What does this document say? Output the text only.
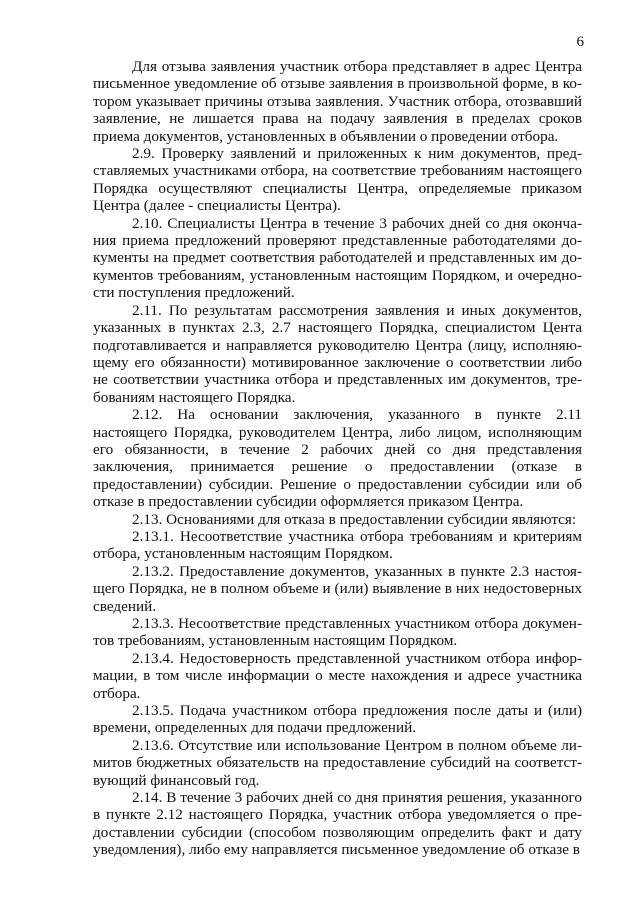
6

Для отзыва заявления участник отбора представляет в адрес Центра письменное уведомление об отзыве заявления в произвольной форме, в котором указывает причины отзыва заявления. Участник отбора, отозвавший заявление, не лишается права на подачу заявления в пределах сроков приема документов, установленных в объявлении о проведении отбора.

2.9. Проверку заявлений и приложенных к ним документов, представляемых участниками отбора, на соответствие требованиям настоящего Порядка осуществляют специалисты Центра, определяемые приказом Центра (далее - специалисты Центра).

2.10. Специалисты Центра в течение 3 рабочих дней со дня окончания приема предложений проверяют представленные работодателями документы на предмет соответствия работодателей и представленных им документов требованиям, установленным настоящим Порядком, и очередности поступления предложений.

2.11. По результатам рассмотрения заявления и иных документов, указанных в пунктах 2.3, 2.7 настоящего Порядка, специалистом Цента подготавливается и направляется руководителю Центра (лицу, исполняющему его обязанности) мотивированное заключение о соответствии либо не соответствии участника отбора и представленных им документов, требованиям настоящего Порядка.

2.12. На основании заключения, указанного в пункте 2.11 настоящего Порядка, руководителем Центра, либо лицом, исполняющим его обязанности, в течение 2 рабочих дней со дня представления заключения, принимается решение о предоставлении (отказе в предоставлении) субсидии. Решение о предоставлении субсидии или об отказе в предоставлении субсидии оформляется приказом Центра.

2.13. Основаниями для отказа в предоставлении субсидии являются:

2.13.1. Несоответствие участника отбора требованиям и критериям отбора, установленным настоящим Порядком.

2.13.2. Предоставление документов, указанных в пункте 2.3 настоящего Порядка, не в полном объеме и (или) выявление в них недостоверных сведений.

2.13.3. Несоответствие представленных участником отбора документов требованиям, установленным настоящим Порядком.

2.13.4. Недостоверность представленной участником отбора информации, в том числе информации о месте нахождения и адресе участника отбора.

2.13.5. Подача участником отбора предложения после даты и (или) времени, определенных для подачи предложений.

2.13.6. Отсутствие или использование Центром в полном объеме лимитов бюджетных обязательств на предоставление субсидий на соответствующий финансовый год.

2.14. В течение 3 рабочих дней со дня принятия решения, указанного в пункте 2.12 настоящего Порядка, участник отбора уведомляется о предоставлении субсидии (способом позволяющим определить факт и дату уведомления), либо ему направляется письменное уведомление об отказе в
